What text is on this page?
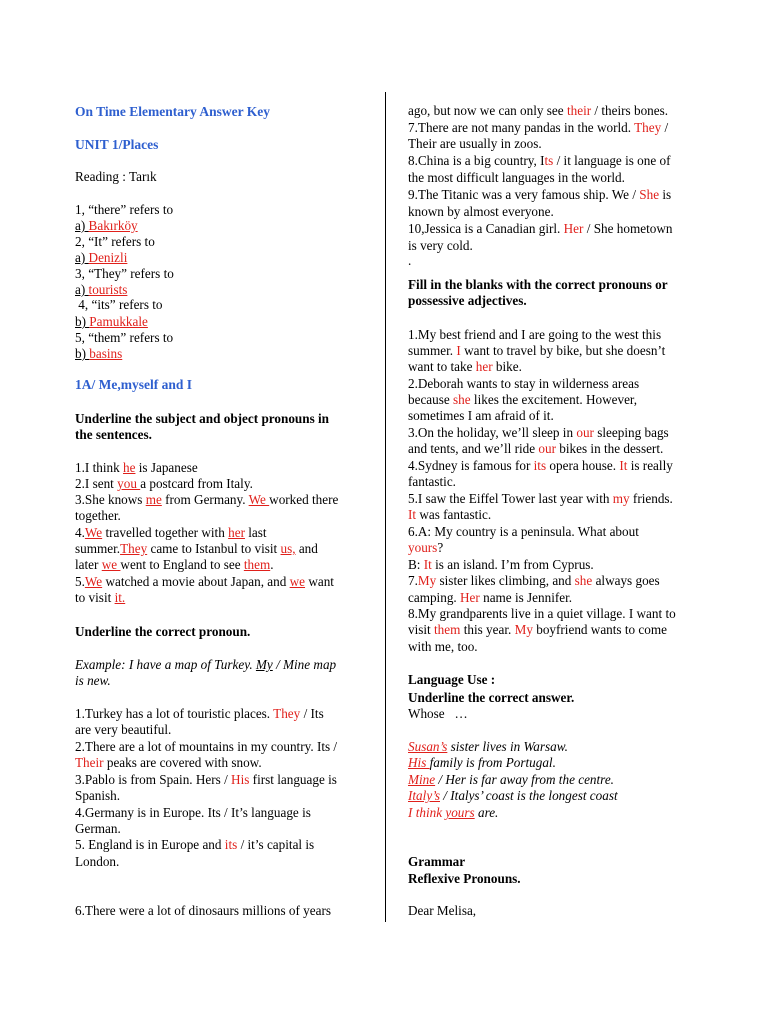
On Time Elementary Answer Key
UNIT 1/Places
Reading : Tarık
1, “there” refers to
a) Bakırköy
2, “It” refers to
a) Denizli
3, “They” refers to
a) tourists
4, “its” refers to
b) Pamukkale
5, “them” refers to
b) basins
1A/ Me,myself and I
Underline the subject and object pronouns in
the sentences.
1.I think he is Japanese
2.I sent you a postcard from Italy.
3.She knows me from Germany. We worked there
together.
4.We travelled together with her last
summer.They came to Istanbul to visit us, and
later we went to England to see them.
5.We watched a movie about Japan, and we want
to visit it.
Underline the correct pronoun.
Example: I have a map of Turkey. My / Mine map
is new.
1.Turkey has a lot of touristic places. They / Its
are very beautiful.
2.There are a lot of mountains in my country. Its /
Their peaks are covered with snow.
3.Pablo is from Spain. Hers / His first language is
Spanish.
4.Germany is in Europe. Its / It’s language is
German.
5. England is in Europe and its / it’s capital is
London.
6.There were a lot of dinosaurs millions of years
ago, but now we can only see their / theirs bones.
7.There are not many pandas in the world. They /
Their are usually in zoos.
8.China is a big country, Its / it language is one of
the most difficult languages in the world.
9.The Titanic was a very famous ship. We / She is
known by almost everyone.
10,Jessica is a Canadian girl. Her / She hometown
is very cold.
.
Fill in the blanks with the correct pronouns or
possessive adjectives.
1.My best friend and I are going to the west this
summer. I want to travel by bike, but she doesn’t
want to take her bike.
2.Deborah wants to stay in wilderness areas
because she likes the excitement. However,
sometimes I am afraid of it.
3.On the holiday, we’ll sleep in our sleeping bags
and tents, and we’ll ride our bikes in the dessert.
4.Sydney is famous for its opera house. It is really
fantastic.
5.I saw the Eiffel Tower last year with my friends.
It was fantastic.
6.A: My country is a peninsula. What about
yours?
B: It is an island. I’m from Cyprus.
7.My sister likes climbing, and she always goes
camping. Her name is Jennifer.
8.My grandparents live in a quiet village. I want to
visit them this year. My boyfriend wants to come
with me, too.
Language Use :
Underline the correct answer.
Whose   …
Susan’s sister lives in Warsaw.
His family is from Portugal.
Mine / Her is far away from the centre.
Italy’s / Italys’ coast is the longest coast
I think yours are.
Grammar
Reflexive Pronouns.
Dear Melisa,
